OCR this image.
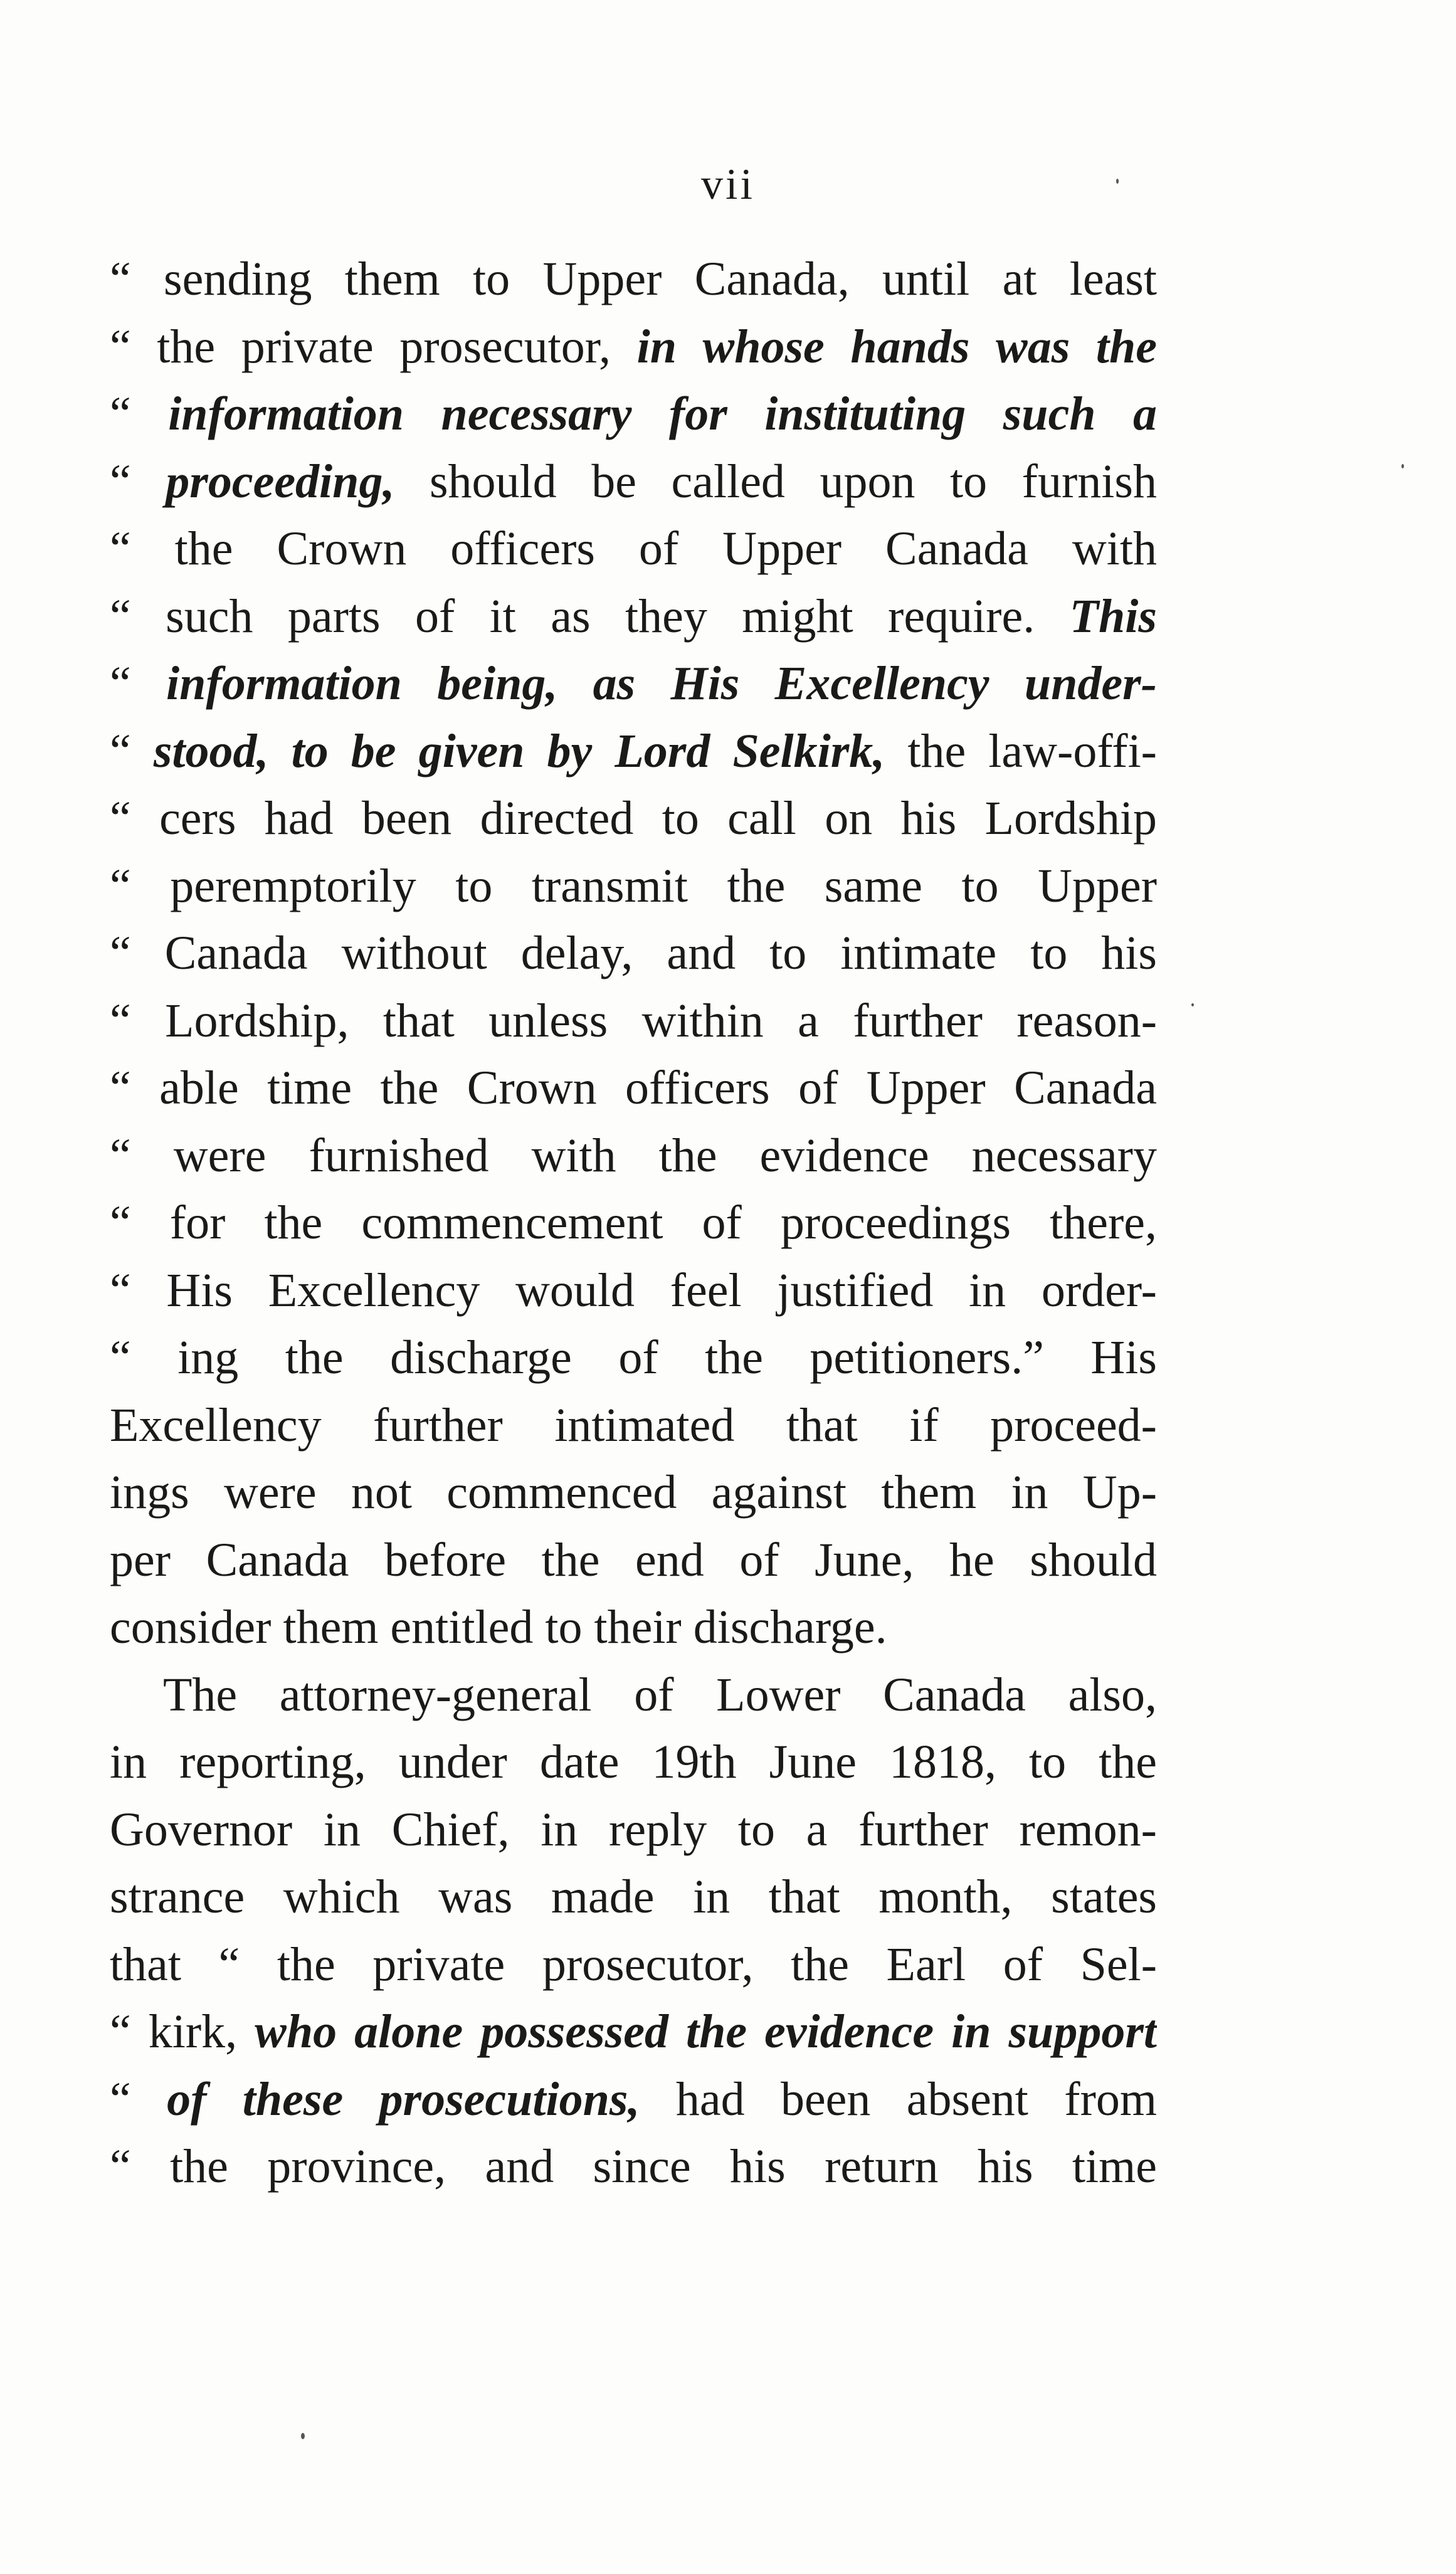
vii
“ sending them to Upper Canada, until at least
“ the private prosecutor, in whose hands was the
“ information necessary for instituting such a
“ proceeding, should be called upon to furnish
“ the Crown officers of Upper Canada with
“ such parts of it as they might require. This
“ information being, as His Excellency under-
“ stood, to be given by Lord Selkirk, the law-offi-
“ cers had been directed to call on his Lordship
“ peremptorily to transmit the same to Upper
“ Canada without delay, and to intimate to his
“ Lordship, that unless within a further reason-
“ able time the Crown officers of Upper Canada
“ were furnished with the evidence necessary
“ for the commencement of proceedings there,
“ His Excellency would feel justified in order-
“ ing the discharge of the petitioners.” His
Excellency further intimated that if proceed-
ings were not commenced against them in Up-
per Canada before the end of June, he should
consider them entitled to their discharge.
The attorney-general of Lower Canada also,
in reporting, under date 19th June 1818, to the
Governor in Chief, in reply to a further remon-
strance which was made in that month, states
that “ the private prosecutor, the Earl of Sel-
“ kirk, who alone possessed the evidence in support
“ of these prosecutions, had been absent from
“ the province, and since his return his time
